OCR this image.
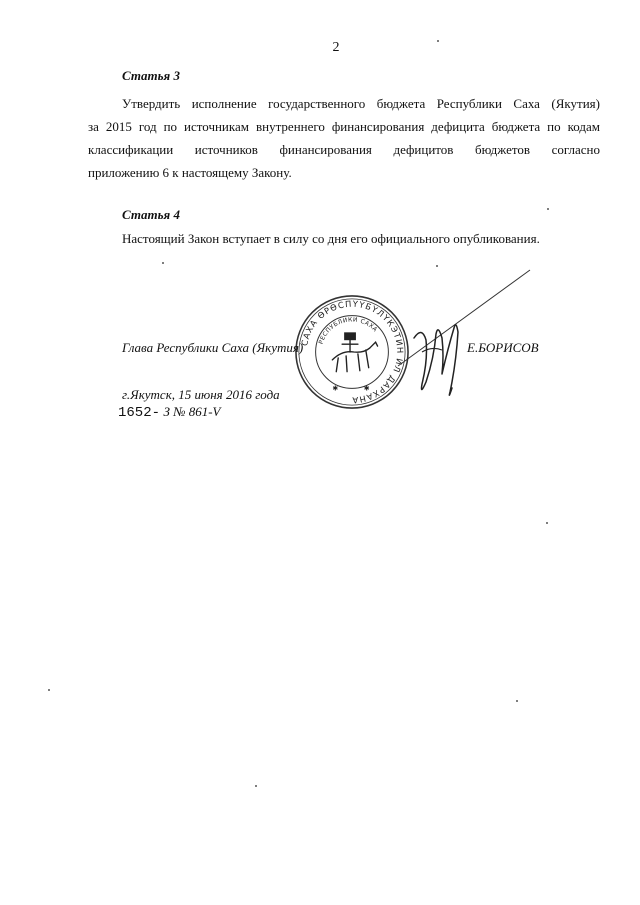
2
Статья 3
Утвердить исполнение государственного бюджета Республики Саха (Якутия)
за 2015 год по источникам внутреннего финансирования дефицита бюджета по кодам
классификации источников финансирования дефицитов бюджетов согласно
приложению 6 к настоящему Закону.
Статья 4
Настоящий Закон вступает в силу со дня его официального опубликования.
САХА ӨРӨСПҮҮБҮЛҮКЭТИН ИЛ ДАРХАНА
РЕСПУБЛИКИ САХА
✱	✱
Глава Республики Саха (Якутия)	Е.БОРИСОВ
г.Якутск, 15 июня 2016 года
1652- З № 861-V
